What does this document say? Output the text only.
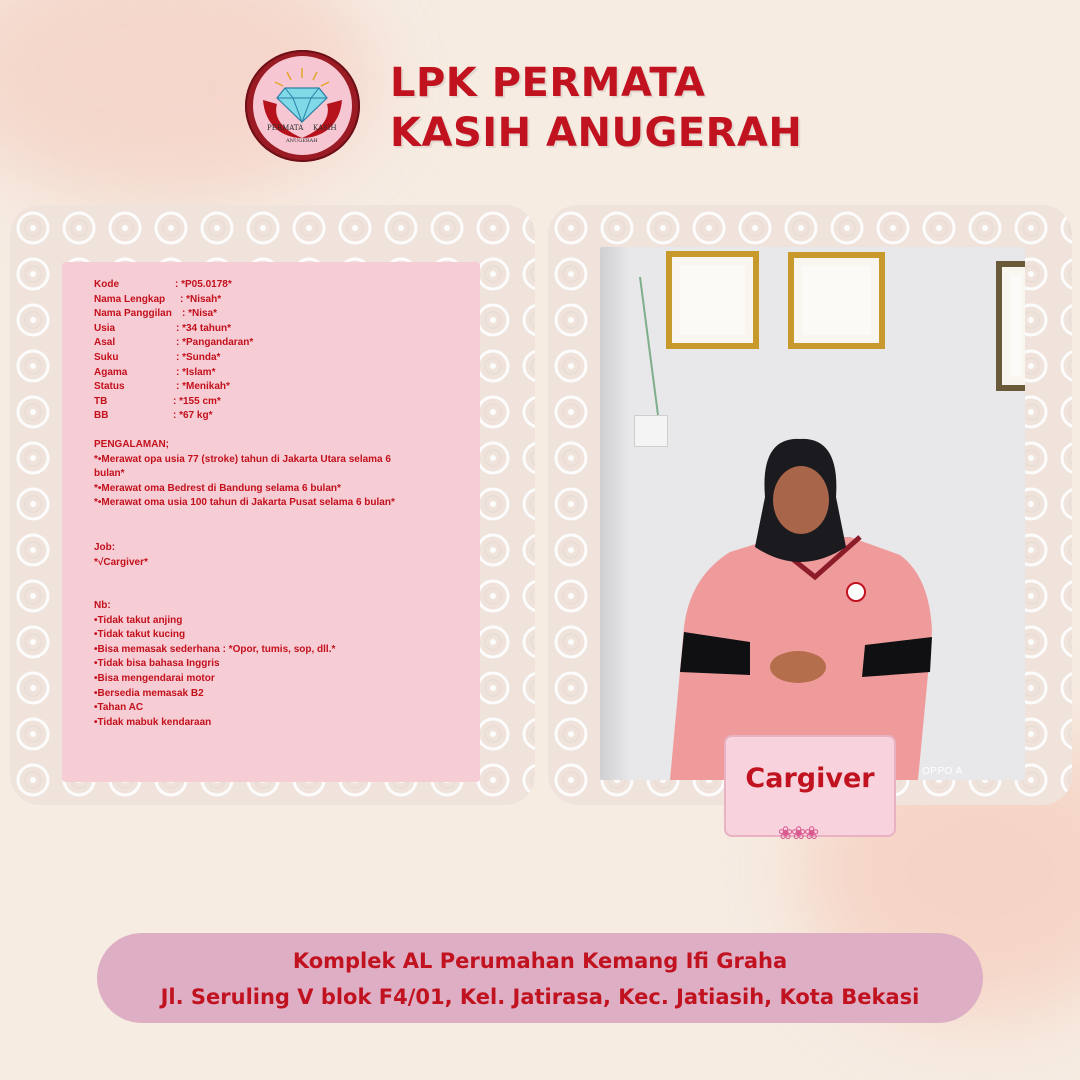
PERMATA KASIH
ANUGERAH
LPK PERMATA
KASIH ANUGERAH
Kode	: *P05.0178*
Nama Lengkap : *Nisah*
Nama Panggilan : *Nisa*
Usia	: *34 tahun*
Asal	: *Pangandaran*
Suku	: *Sunda*
Agama	: *Islam*
Status	: *Menikah*
TB	: *155 cm*
BB	: *67 kg*
PENGALAMAN;
*•Merawat opa usia 77 (stroke) tahun di Jakarta Utara selama 6
bulan*
*•Merawat oma Bedrest di Bandung selama 6 bulan*
*•Merawat oma usia 100 tahun di Jakarta Pusat selama 6 bulan*
Job:
*√Cargiver*
Nb:
•Tidak takut anjing
•Tidak takut kucing
•Bisa memasak sederhana : *Opor, tumis, sop, dll.*
•Tidak bisa bahasa Inggris
•Bisa mengendarai motor
•Bersedia memasak B2
•Tahan AC
•Tidak mabuk kendaraan
OPPO A
Cargiver
❀❀❀
Komplek AL Perumahan Kemang Ifi Graha
Jl. Seruling V blok F4/01, Kel. Jatirasa, Kec. Jatiasih, Kota Bekasi
